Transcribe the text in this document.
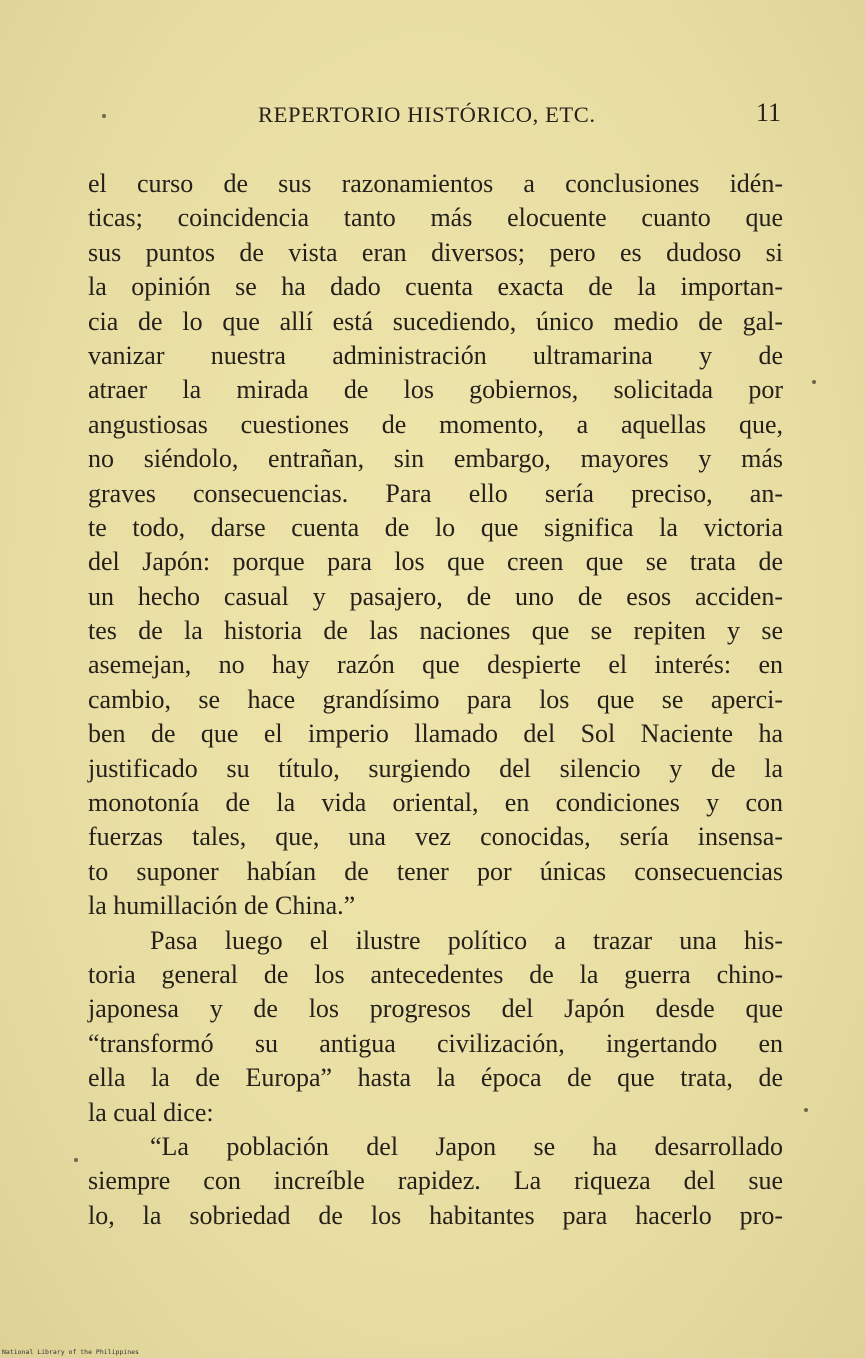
REPERTORIO HISTÓRICO, ETC.	11
el curso de sus razonamientos a conclusiones idén-
ticas; coincidencia tanto más elocuente cuanto que
sus puntos de vista eran diversos; pero es dudoso si
la opinión se ha dado cuenta exacta de la importan-
cia de lo que allí está sucediendo, único medio de gal-
vanizar nuestra administración ultramarina y de
atraer la mirada de los gobiernos, solicitada por
angustiosas cuestiones de momento, a aquellas que,
no siéndolo, entrañan, sin embargo, mayores y más
graves consecuencias. Para ello sería preciso, an-
te todo, darse cuenta de lo que significa la victoria
del Japón: porque para los que creen que se trata de
un hecho casual y pasajero, de uno de esos acciden-
tes de la historia de las naciones que se repiten y se
asemejan, no hay razón que despierte el interés: en
cambio, se hace grandísimo para los que se aperci-
ben de que el imperio llamado del Sol Naciente ha
justificado su título, surgiendo del silencio y de la
monotonía de la vida oriental, en condiciones y con
fuerzas tales, que, una vez conocidas, sería insensa-
to suponer habían de tener por únicas consecuencias
la humillación de China.”
Pasa luego el ilustre político a trazar una his-
toria general de los antecedentes de la guerra chino-
japonesa y de los progresos del Japón desde que
“transformó su antigua civilización, ingertando en
ella la de Europa” hasta la época de que trata, de
la cual dice:
“La población del Japon se ha desarrollado
siempre con increíble rapidez. La riqueza del sue
lo, la sobriedad de los habitantes para hacerlo pro-
National Library of the Philippines
